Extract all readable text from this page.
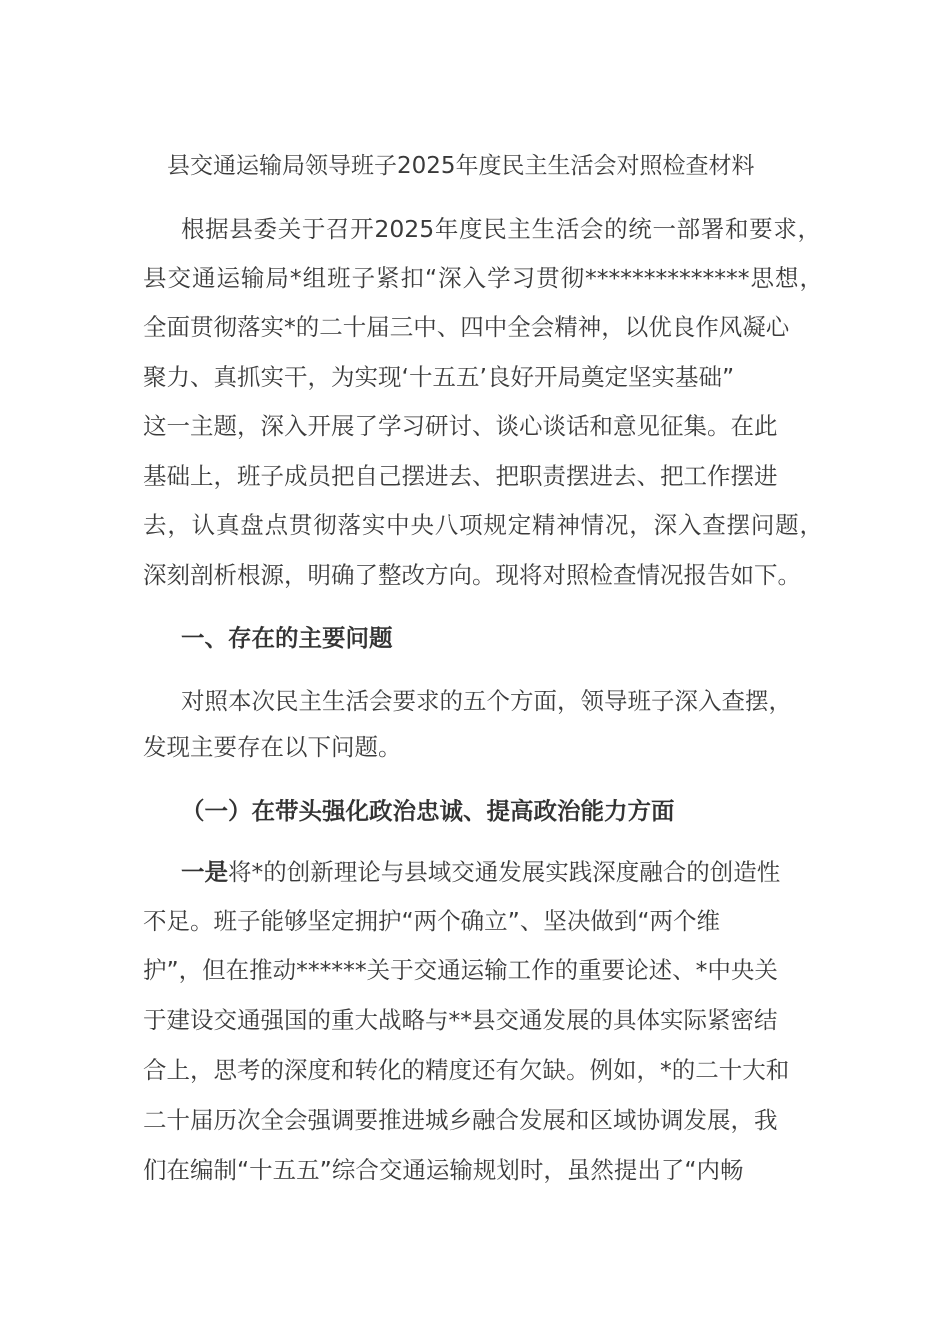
县交通运输局领导班子2025年度民主生活会对照检查材料
根据县委关于召开2025年度民主生活会的统一部署和要求，
县交通运输局*组班子紧扣“深入学习贯彻**************思想，
全面贯彻落实*的二十届三中、四中全会精神，以优良作风凝心
聚力、真抓实干，为实现‘十五五’良好开局奠定坚实基础”
这一主题，深入开展了学习研讨、谈心谈话和意见征集。在此
基础上，班子成员把自己摆进去、把职责摆进去、把工作摆进
去，认真盘点贯彻落实中央八项规定精神情况，深入查摆问题，
深刻剖析根源，明确了整改方向。现将对照检查情况报告如下。
一、存在的主要问题
对照本次民主生活会要求的五个方面，领导班子深入查摆，
发现主要存在以下问题。
（一）在带头强化政治忠诚、提高政治能力方面
一是将*的创新理论与县域交通发展实践深度融合的创造性
不足。班子能够坚定拥护“两个确立”、坚决做到“两个维
护”，但在推动******关于交通运输工作的重要论述、*中央关
于建设交通强国的重大战略与**县交通发展的具体实际紧密结
合上，思考的深度和转化的精度还有欠缺。例如，*的二十大和
二十届历次全会强调要推进城乡融合发展和区域协调发展，我
们在编制“十五五”综合交通运输规划时，虽然提出了“内畅
